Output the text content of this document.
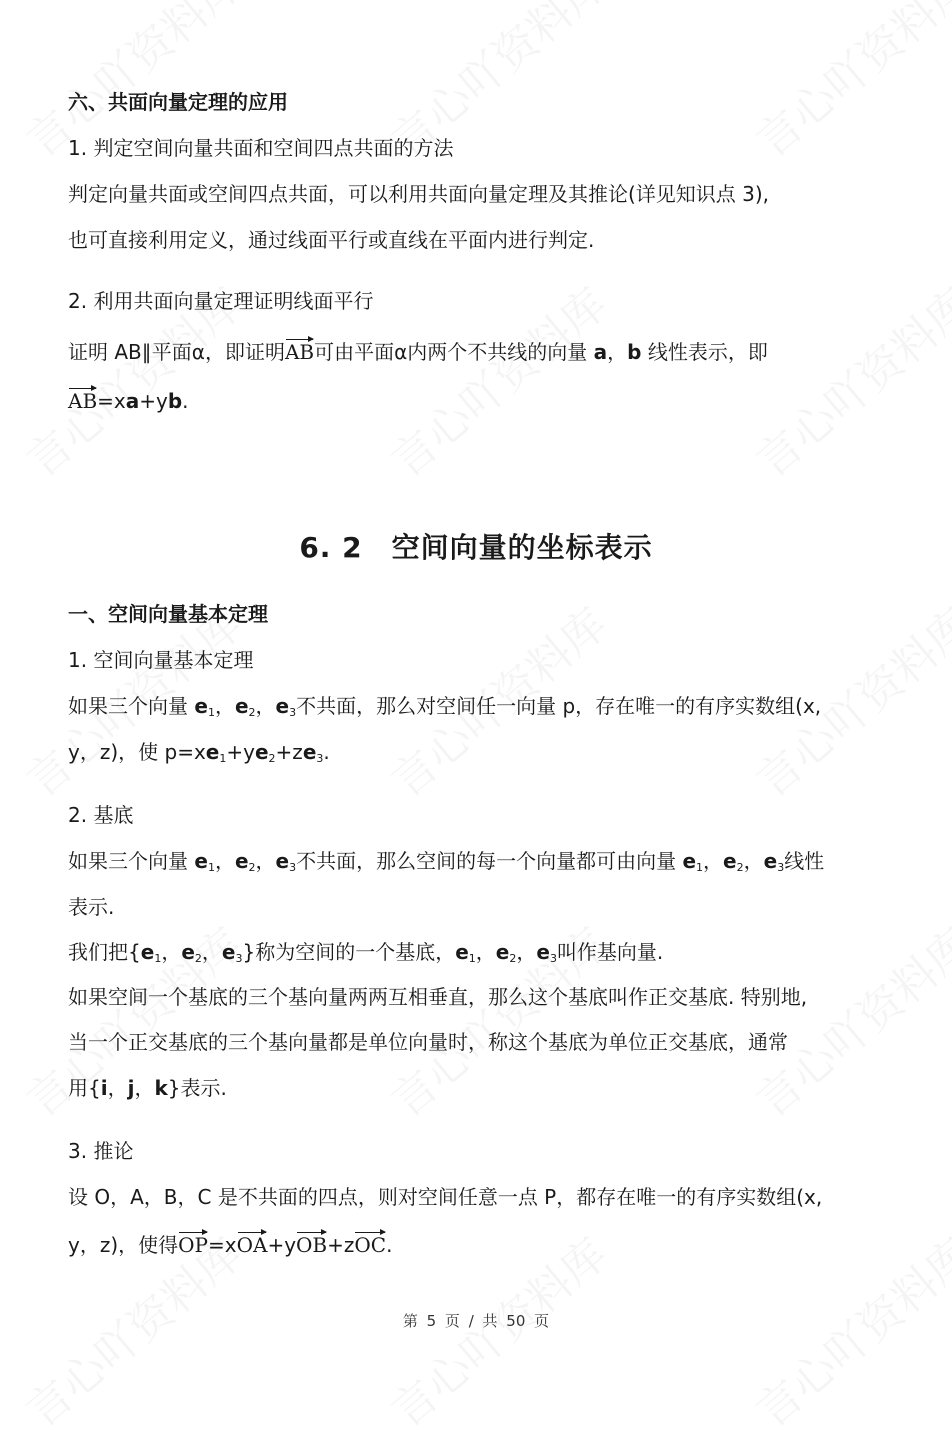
六、共面向量定理的应用
1. 判定空间向量共面和空间四点共面的方法
判定向量共面或空间四点共面，可以利用共面向量定理及其推论(详见知识点 3),
也可直接利用定义，通过线面平行或直线在平面内进行判定.
2. 利用共面向量定理证明线面平行
证明 AB∥平面α，即证明AB可由平面α内两个不共线的向量 a，b 线性表示，即
AB=xa+yb.
6. 2　空间向量的坐标表示
一、空间向量基本定理
1. 空间向量基本定理
如果三个向量 $e_1$，$e_2$，$e_3$不共面，那么对空间任一向量 p，存在唯一的有序实数组(x,
y，z)，使 $p=xe_1+ye_2+ze_3$.
2. 基底
如果三个向量 $e_1$，$e_2$，$e_3$不共面，那么空间的每一个向量都可由向量 $e_1$，$e_2$，$e_3$线性
表示.
我们把{$e_1$，$e_2$，$e_3$}称为空间的一个基底，$e_1$，$e_2$，$e_3$叫作基向量.
如果空间一个基底的三个基向量两两互相垂直，那么这个基底叫作正交基底. 特别地,
当一个正交基底的三个基向量都是单位向量时，称这个基底为单位正交基底，通常
用{i，j，k}表示.
3. 推论
设 O，A，B，C 是不共面的四点，则对空间任意一点 P，都存在唯一的有序实数组(x,
y，z)，使得OP=xOA+yOB+zOC.
第 5 页 / 共 50 页
